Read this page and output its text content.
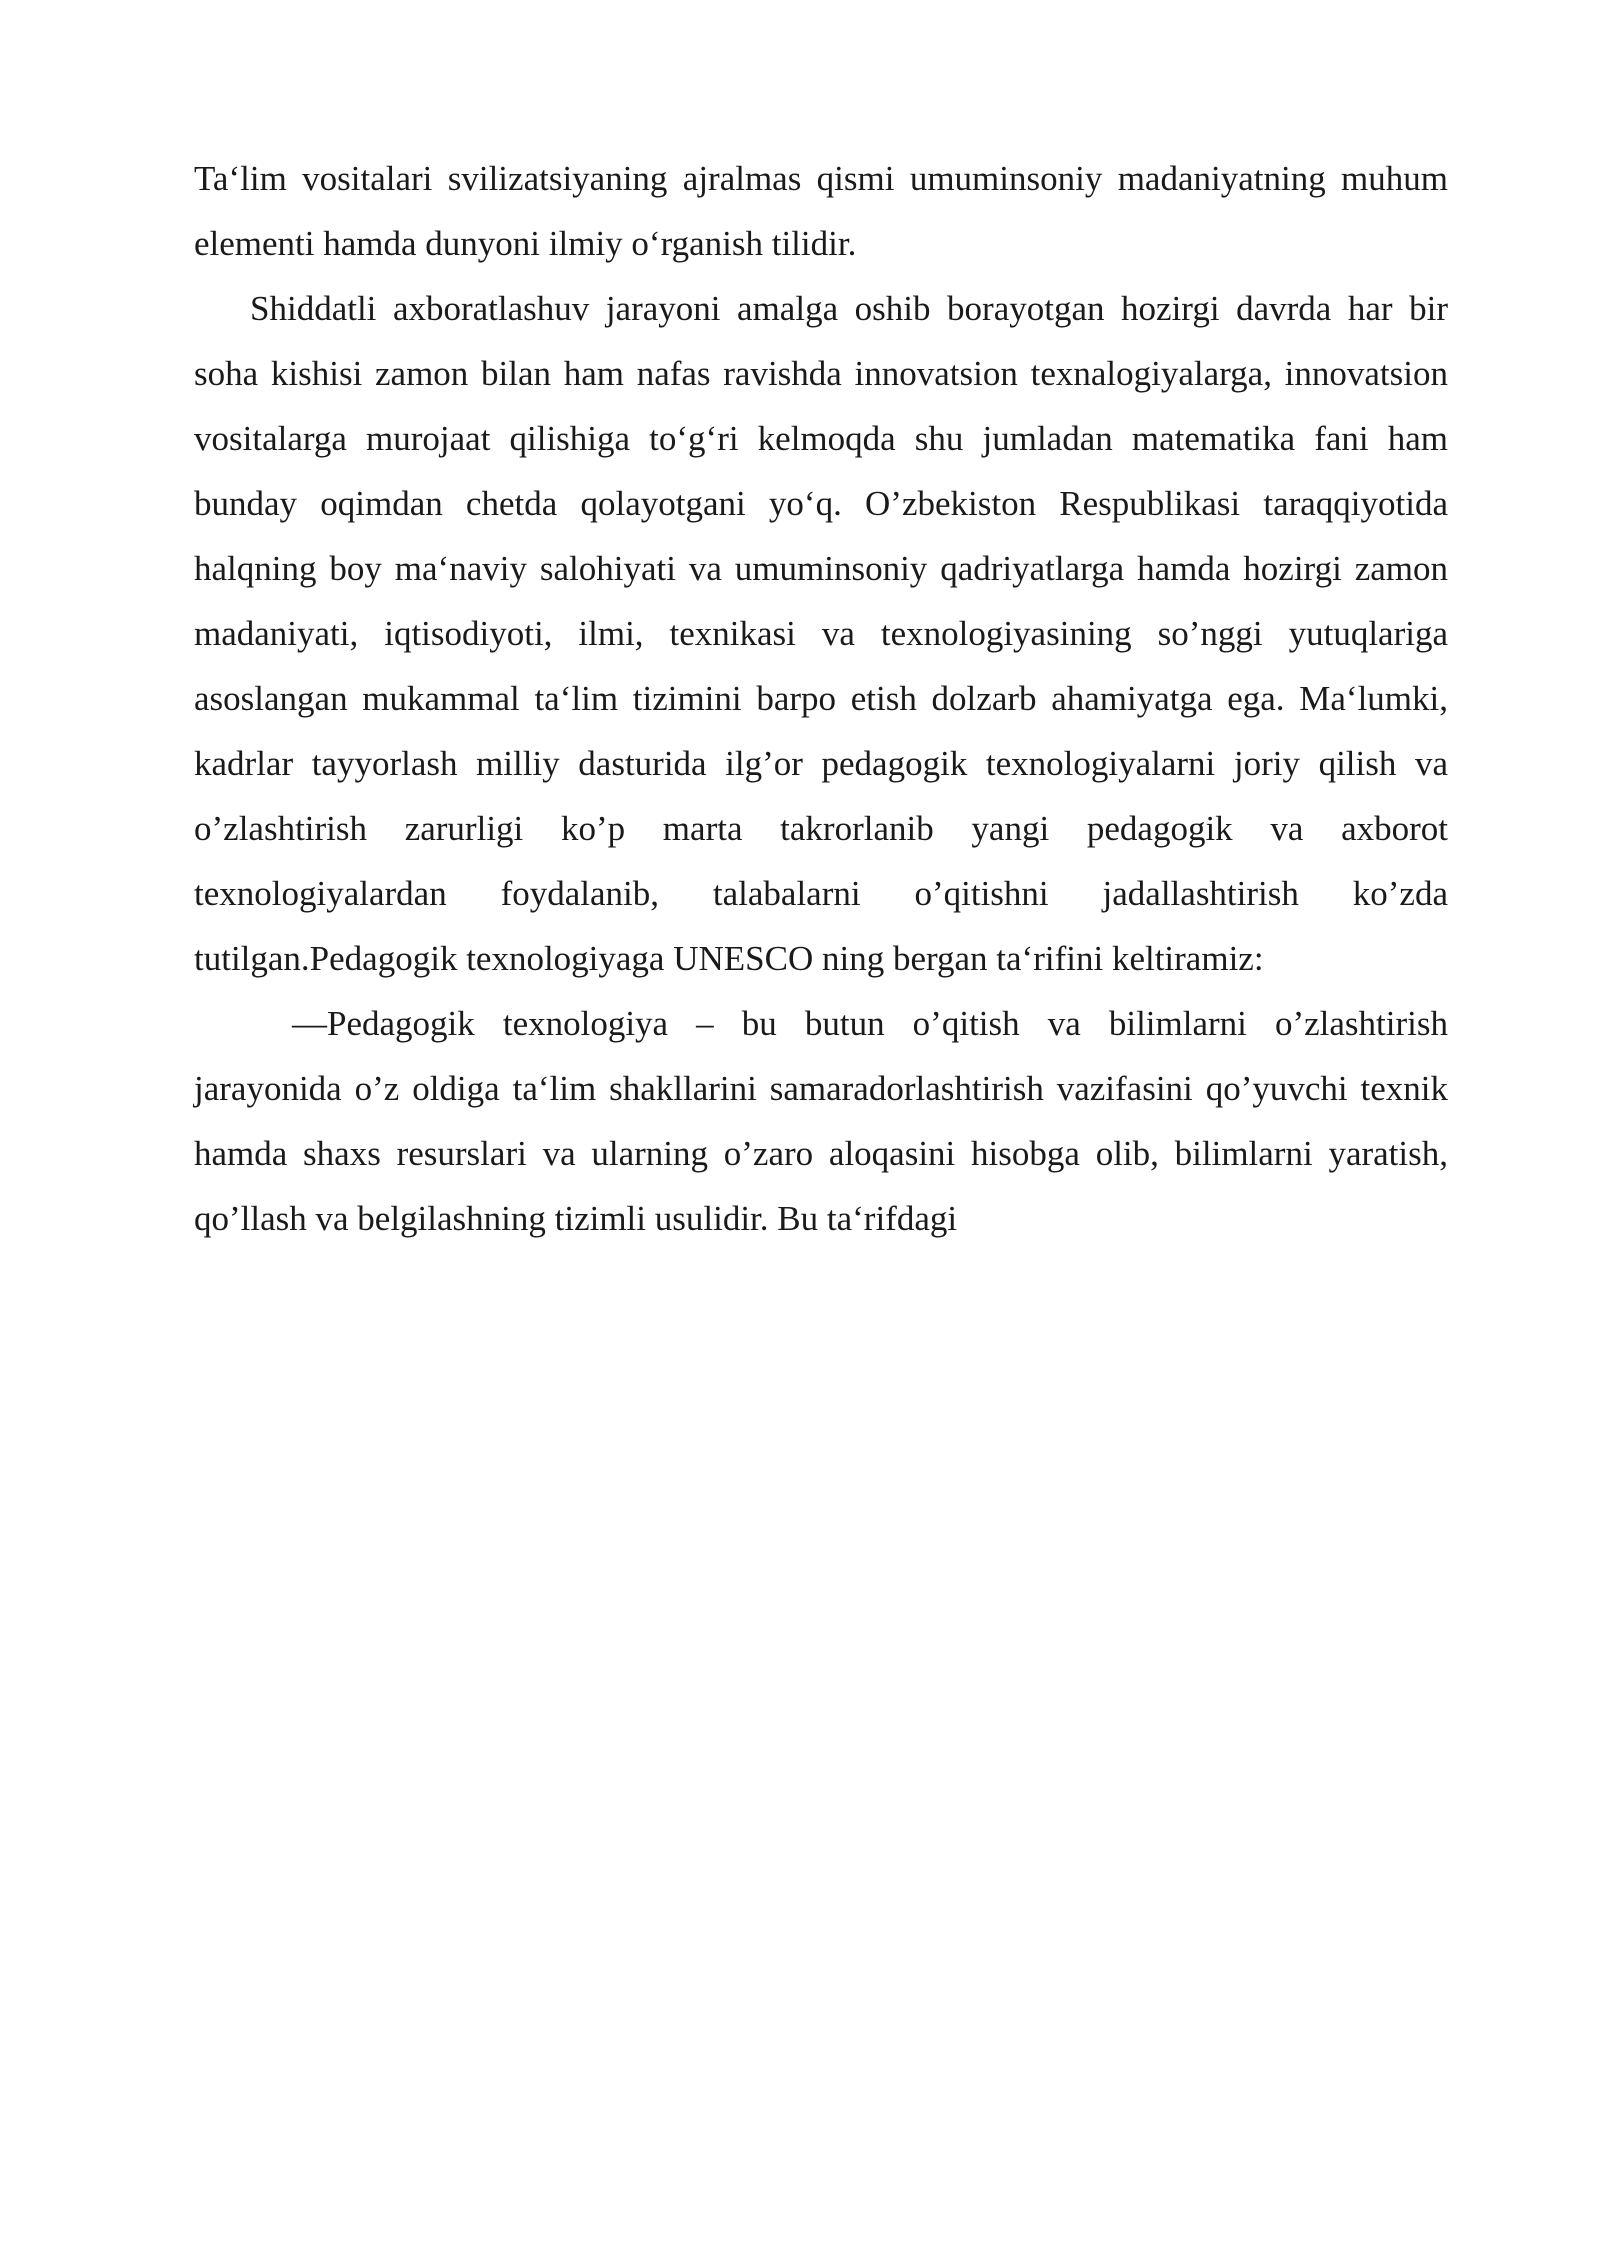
Ta‘lim vositalari svilizatsiyaning ajralmas qismi umuminsoniy madaniyatning muhum elementi hamda dunyoni ilmiy o‘rganish tilidir.

Shiddatli axboratlashuv jarayoni amalga oshib borayotgan hozirgi davrda har bir soha kishisi zamon bilan ham nafas ravishda innovatsion texnalogiyalarga, innovatsion vositalarga murojaat qilishiga to‘g‘ri kelmoqda shu jumladan matematika fani ham bunday oqimdan chetda qolayotgani yo‘q. O’zbekiston Respublikasi taraqqiyotida halqning boy ma‘naviy salohiyati va umuminsoniy qadriyatlarga hamda hozirgi zamon madaniyati, iqtisodiyoti, ilmi, texnikasi va texnologiyasining so’nggi yutuqlariga asoslangan mukammal ta‘lim tizimini barpo etish dolzarb ahamiyatga ega. Ma‘lumki, kadrlar tayyorlash milliy dasturida ilg’or pedagogik texnologiyalarni joriy qilish va o’zlashtirish zarurligi ko’p marta takrorlanib yangi pedagogik va axborot texnologiyalardan foydalanib, talabalarni o’qitishni jadallashtirish ko’zda tutilgan.Pedagogik texnologiyaga UNESCO ning bergan ta‘rifini keltiramiz:

—Pedagogik texnologiya – bu butun o’qitish va bilimlarni o’zlashtirish jarayonida o’z oldiga ta‘lim shakllarini samaradorlashtirish vazifasini qo’yuvchi texnik hamda shaxs resurslari va ularning o’zaro aloqasini hisobga olib, bilimlarni yaratish, qo’llash va belgilashning tizimli usulidir. Bu ta‘rifdagi
